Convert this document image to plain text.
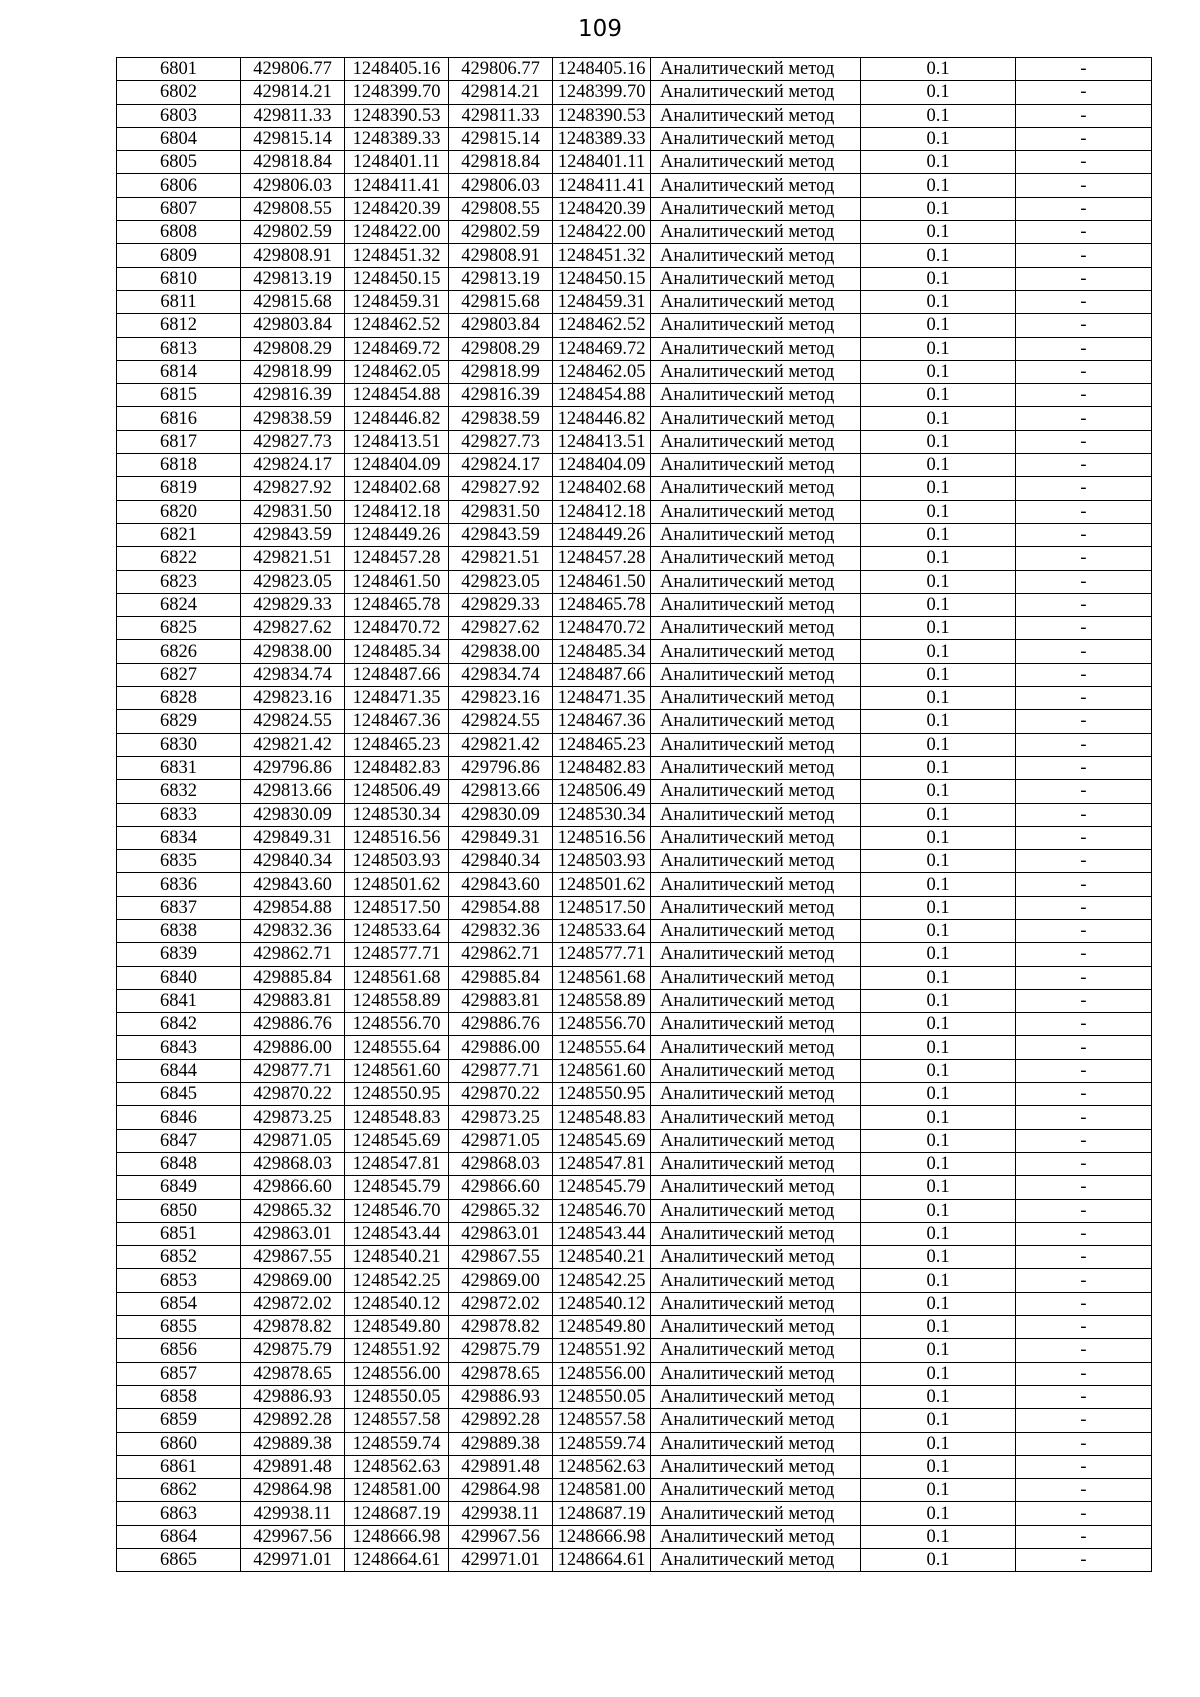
109
6801	429806.77	1248405.16	429806.77	1248405.16	Аналитический метод	0.1	-
6802	429814.21	1248399.70	429814.21	1248399.70	Аналитический метод	0.1	-
6803	429811.33	1248390.53	429811.33	1248390.53	Аналитический метод	0.1	-
6804	429815.14	1248389.33	429815.14	1248389.33	Аналитический метод	0.1	-
6805	429818.84	1248401.11	429818.84	1248401.11	Аналитический метод	0.1	-
6806	429806.03	1248411.41	429806.03	1248411.41	Аналитический метод	0.1	-
6807	429808.55	1248420.39	429808.55	1248420.39	Аналитический метод	0.1	-
6808	429802.59	1248422.00	429802.59	1248422.00	Аналитический метод	0.1	-
6809	429808.91	1248451.32	429808.91	1248451.32	Аналитический метод	0.1	-
6810	429813.19	1248450.15	429813.19	1248450.15	Аналитический метод	0.1	-
6811	429815.68	1248459.31	429815.68	1248459.31	Аналитический метод	0.1	-
6812	429803.84	1248462.52	429803.84	1248462.52	Аналитический метод	0.1	-
6813	429808.29	1248469.72	429808.29	1248469.72	Аналитический метод	0.1	-
6814	429818.99	1248462.05	429818.99	1248462.05	Аналитический метод	0.1	-
6815	429816.39	1248454.88	429816.39	1248454.88	Аналитический метод	0.1	-
6816	429838.59	1248446.82	429838.59	1248446.82	Аналитический метод	0.1	-
6817	429827.73	1248413.51	429827.73	1248413.51	Аналитический метод	0.1	-
6818	429824.17	1248404.09	429824.17	1248404.09	Аналитический метод	0.1	-
6819	429827.92	1248402.68	429827.92	1248402.68	Аналитический метод	0.1	-
6820	429831.50	1248412.18	429831.50	1248412.18	Аналитический метод	0.1	-
6821	429843.59	1248449.26	429843.59	1248449.26	Аналитический метод	0.1	-
6822	429821.51	1248457.28	429821.51	1248457.28	Аналитический метод	0.1	-
6823	429823.05	1248461.50	429823.05	1248461.50	Аналитический метод	0.1	-
6824	429829.33	1248465.78	429829.33	1248465.78	Аналитический метод	0.1	-
6825	429827.62	1248470.72	429827.62	1248470.72	Аналитический метод	0.1	-
6826	429838.00	1248485.34	429838.00	1248485.34	Аналитический метод	0.1	-
6827	429834.74	1248487.66	429834.74	1248487.66	Аналитический метод	0.1	-
6828	429823.16	1248471.35	429823.16	1248471.35	Аналитический метод	0.1	-
6829	429824.55	1248467.36	429824.55	1248467.36	Аналитический метод	0.1	-
6830	429821.42	1248465.23	429821.42	1248465.23	Аналитический метод	0.1	-
6831	429796.86	1248482.83	429796.86	1248482.83	Аналитический метод	0.1	-
6832	429813.66	1248506.49	429813.66	1248506.49	Аналитический метод	0.1	-
6833	429830.09	1248530.34	429830.09	1248530.34	Аналитический метод	0.1	-
6834	429849.31	1248516.56	429849.31	1248516.56	Аналитический метод	0.1	-
6835	429840.34	1248503.93	429840.34	1248503.93	Аналитический метод	0.1	-
6836	429843.60	1248501.62	429843.60	1248501.62	Аналитический метод	0.1	-
6837	429854.88	1248517.50	429854.88	1248517.50	Аналитический метод	0.1	-
6838	429832.36	1248533.64	429832.36	1248533.64	Аналитический метод	0.1	-
6839	429862.71	1248577.71	429862.71	1248577.71	Аналитический метод	0.1	-
6840	429885.84	1248561.68	429885.84	1248561.68	Аналитический метод	0.1	-
6841	429883.81	1248558.89	429883.81	1248558.89	Аналитический метод	0.1	-
6842	429886.76	1248556.70	429886.76	1248556.70	Аналитический метод	0.1	-
6843	429886.00	1248555.64	429886.00	1248555.64	Аналитический метод	0.1	-
6844	429877.71	1248561.60	429877.71	1248561.60	Аналитический метод	0.1	-
6845	429870.22	1248550.95	429870.22	1248550.95	Аналитический метод	0.1	-
6846	429873.25	1248548.83	429873.25	1248548.83	Аналитический метод	0.1	-
6847	429871.05	1248545.69	429871.05	1248545.69	Аналитический метод	0.1	-
6848	429868.03	1248547.81	429868.03	1248547.81	Аналитический метод	0.1	-
6849	429866.60	1248545.79	429866.60	1248545.79	Аналитический метод	0.1	-
6850	429865.32	1248546.70	429865.32	1248546.70	Аналитический метод	0.1	-
6851	429863.01	1248543.44	429863.01	1248543.44	Аналитический метод	0.1	-
6852	429867.55	1248540.21	429867.55	1248540.21	Аналитический метод	0.1	-
6853	429869.00	1248542.25	429869.00	1248542.25	Аналитический метод	0.1	-
6854	429872.02	1248540.12	429872.02	1248540.12	Аналитический метод	0.1	-
6855	429878.82	1248549.80	429878.82	1248549.80	Аналитический метод	0.1	-
6856	429875.79	1248551.92	429875.79	1248551.92	Аналитический метод	0.1	-
6857	429878.65	1248556.00	429878.65	1248556.00	Аналитический метод	0.1	-
6858	429886.93	1248550.05	429886.93	1248550.05	Аналитический метод	0.1	-
6859	429892.28	1248557.58	429892.28	1248557.58	Аналитический метод	0.1	-
6860	429889.38	1248559.74	429889.38	1248559.74	Аналитический метод	0.1	-
6861	429891.48	1248562.63	429891.48	1248562.63	Аналитический метод	0.1	-
6862	429864.98	1248581.00	429864.98	1248581.00	Аналитический метод	0.1	-
6863	429938.11	1248687.19	429938.11	1248687.19	Аналитический метод	0.1	-
6864	429967.56	1248666.98	429967.56	1248666.98	Аналитический метод	0.1	-
6865	429971.01	1248664.61	429971.01	1248664.61	Аналитический метод	0.1	-
